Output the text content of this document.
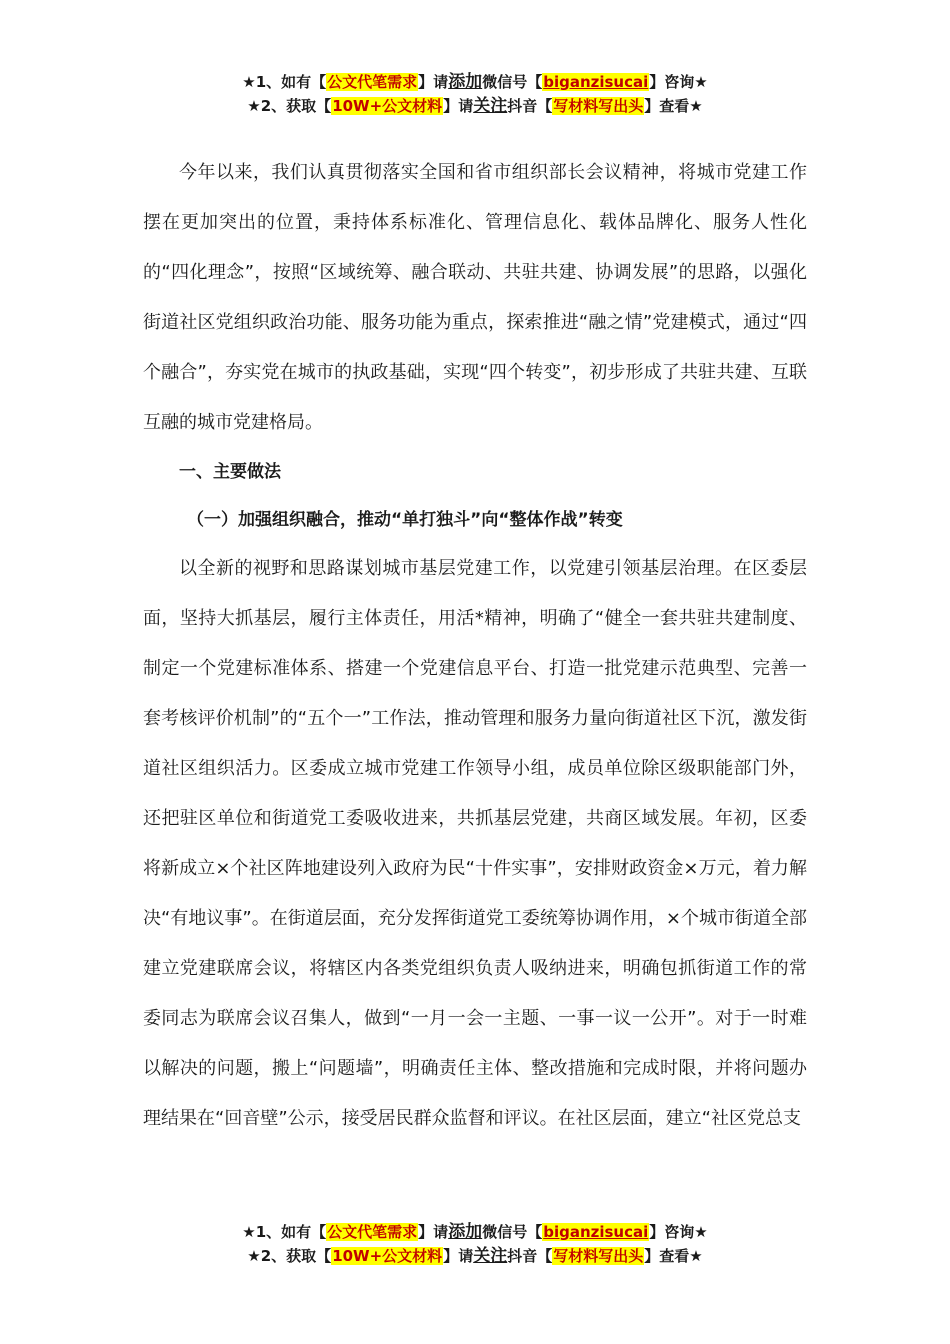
★1、如有【公文代笔需求】请添加微信号【biganzisucai】咨询★
★2、获取【10W+公文材料】请关注抖音【写材料写出头】查看★

今年以来，我们认真贯彻落实全国和省市组织部长会议精神，将城市党建工作摆在更加突出的位置，秉持体系标准化、管理信息化、载体品牌化、服务人性化的“四化理念”，按照“区域统筹、融合联动、共驻共建、协调发展”的思路，以强化街道社区党组织政治功能、服务功能为重点，探索推进“融之情”党建模式，通过“四个融合”，夯实党在城市的执政基础，实现“四个转变”，初步形成了共驻共建、互联互融的城市党建格局。

一、主要做法

（一）加强组织融合，推动“单打独斗”向“整体作战”转变

以全新的视野和思路谋划城市基层党建工作，以党建引领基层治理。在区委层面，坚持大抓基层，履行主体责任，用活*精神，明确了“健全一套共驻共建制度、制定一个党建标准体系、搭建一个党建信息平台、打造一批党建示范典型、完善一套考核评价机制”的“五个一”工作法，推动管理和服务力量向街道社区下沉，激发街道社区组织活力。区委成立城市党建工作领导小组，成员单位除区级职能部门外，还把驻区单位和街道党工委吸收进来，共抓基层党建，共商区域发展。年初，区委将新成立×个社区阵地建设列入政府为民“十件实事”，安排财政资金×万元，着力解决“有地议事”。在街道层面，充分发挥街道党工委统筹协调作用，×个城市街道全部建立党建联席会议，将辖区内各类党组织负责人吸纳进来，明确包抓街道工作的常委同志为联席会议召集人，做到“一月一会一主题、一事一议一公开”。对于一时难以解决的问题，搬上“问题墙”，明确责任主体、整改措施和完成时限，并将问题办理结果在“回音壁”公示，接受居民群众监督和评议。在社区层面，建立“社区党总支

★1、如有【公文代笔需求】请添加微信号【biganzisucai】咨询★
★2、获取【10W+公文材料】请关注抖音【写材料写出头】查看★
